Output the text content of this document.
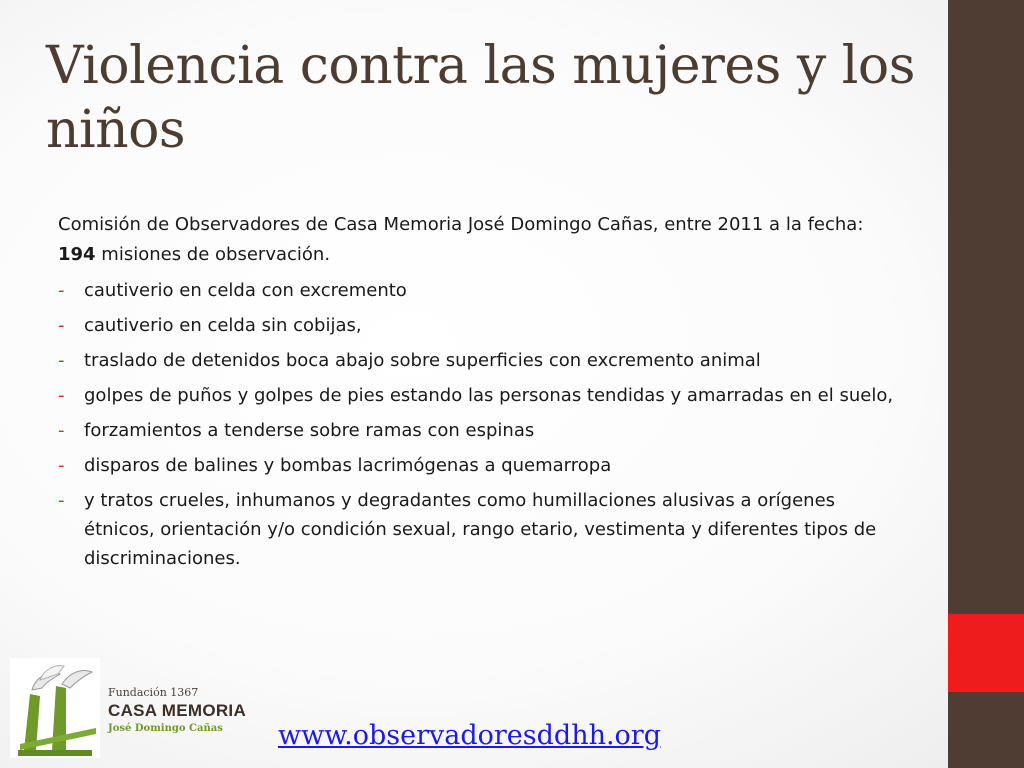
Violencia contra las mujeres y los niños

Comisión de Observadores de Casa Memoria José Domingo Cañas, entre 2011 a la fecha: 194 misiones de observación.

- cautiverio en celda con excremento
- cautiverio en celda sin cobijas,
- traslado de detenidos boca abajo sobre superficies con excremento animal
- golpes de puños y golpes de pies estando las personas tendidas y amarradas en el suelo,
- forzamientos a tenderse sobre ramas con espinas
- disparos de balines y bombas lacrimógenas a quemarropa
- y tratos crueles, inhumanos y degradantes como humillaciones alusivas a orígenes étnicos, orientación y/o condición sexual, rango etario, vestimenta y diferentes tipos de discriminaciones.
Fundación 1367
CASA MEMORIA
José Domingo Cañas	www.observadoresddhh.org
